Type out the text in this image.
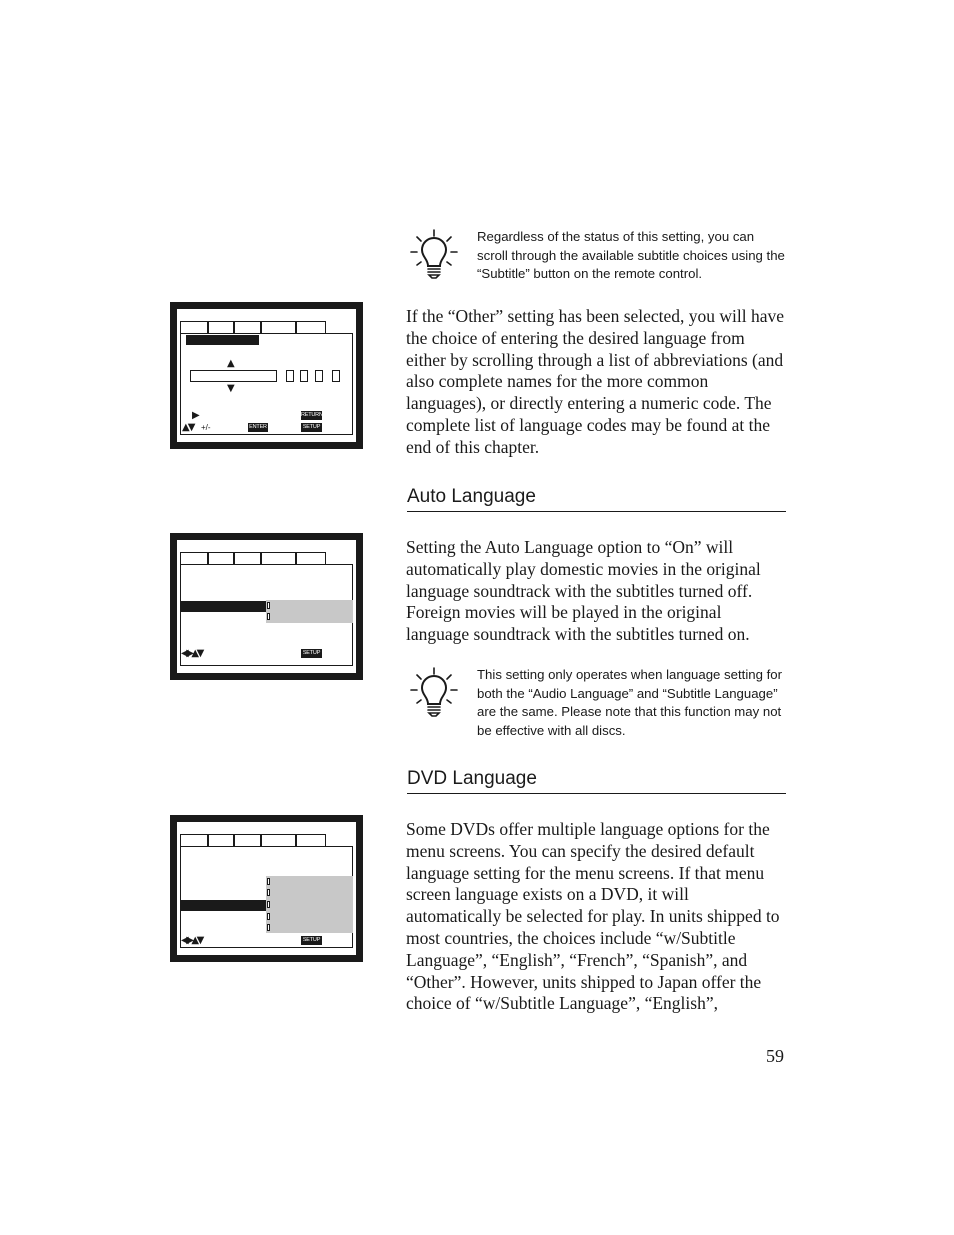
Regardless of the status of this setting, you can scroll through the available subtitle choices using the “Subtitle” button on the remote control.
▲
▼
▶
▲▼ +/-	ENTER
RETURN
SETUP

If the “Other” setting has been selected, you will have the choice of entering the desired language from either by scrolling through a list of abbreviations (and also complete names for the more common languages), or directly entering a numeric code. The complete list of language codes may be found at the end of this chapter.

Auto Language
◀▶▲▼	SETUP

Setting the Auto Language option to “On” will automatically play domestic movies in the original language soundtrack with the subtitles turned off. Foreign movies will be played in the original language soundtrack with the subtitles turned on.

This setting only operates when language setting for both the “Audio Language” and “Subtitle Language” are the same. Please note that this function may not be effective with all discs.
DVD Language
◀▶▲▼	SETUP

Some DVDs offer multiple language options for the menu screens. You can specify the desired default language setting for the menu screens. If that menu screen language exists on a DVD, it will automatically be selected for play. In units shipped to most countries, the choices include “w/Subtitle Language”, “English”, “French”, “Spanish”, and “Other”. However, units shipped to Japan offer the choice of “w/Subtitle Language”, “English”,

59
